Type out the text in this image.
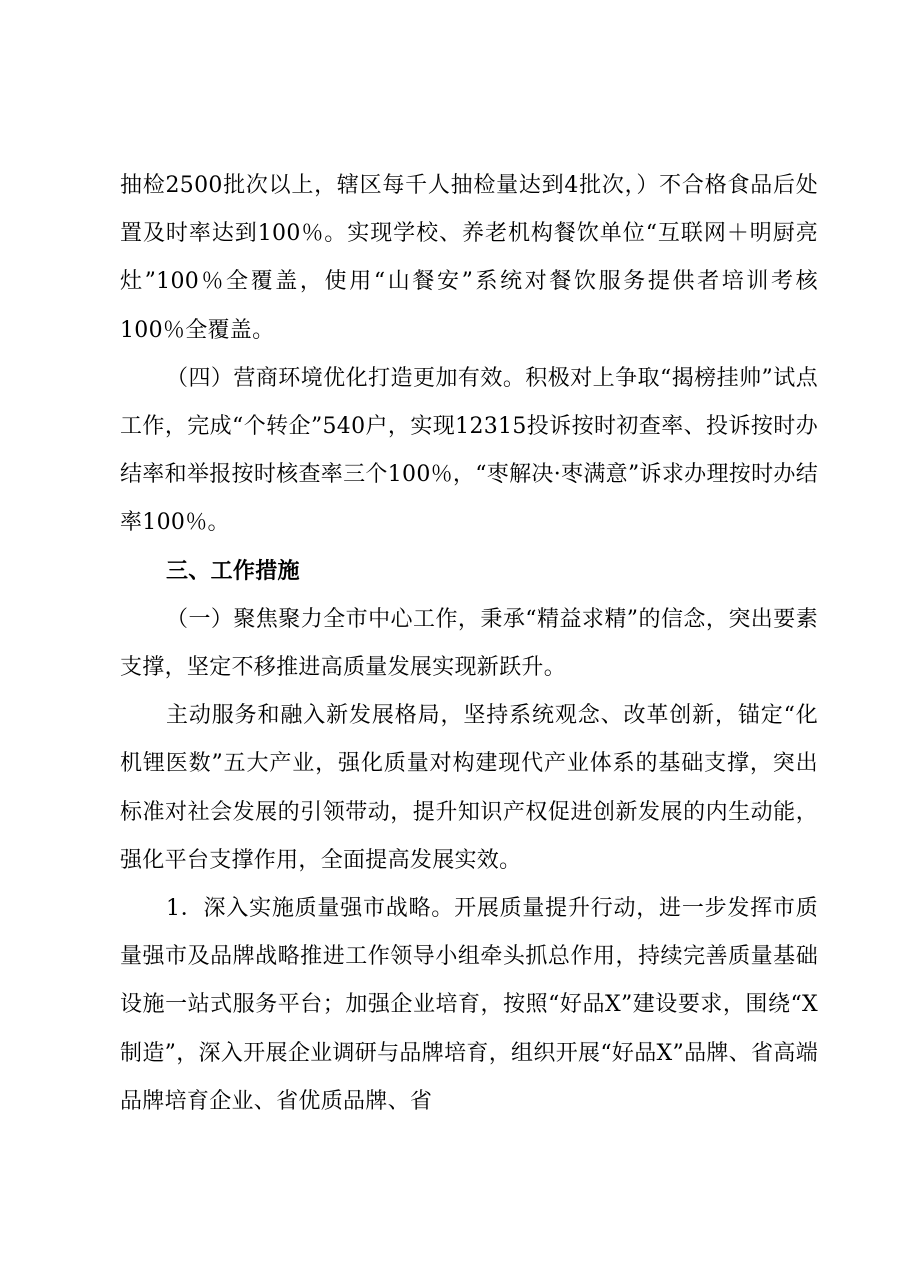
抽检2500批次以上，辖区每千人抽检量达到4批次，）不合格食品后处置及时率达到100％。实现学校、养老机构餐饮单位“互联网＋明厨亮灶”100％全覆盖，使用“山餐安”系统对餐饮服务提供者培训考核100％全覆盖。

（四）营商环境优化打造更加有效。积极对上争取“揭榜挂帅”试点工作，完成“个转企”540户，实现12315投诉按时初查率、投诉按时办结率和举报按时核查率三个100％，“枣解决·枣满意”诉求办理按时办结率100％。

三、工作措施

（一）聚焦聚力全市中心工作，秉承“精益求精”的信念，突出要素支撑，坚定不移推进高质量发展实现新跃升。

主动服务和融入新发展格局，坚持系统观念、改革创新，锚定“化机锂医数”五大产业，强化质量对构建现代产业体系的基础支撑，突出标准对社会发展的引领带动，提升知识产权促进创新发展的内生动能，强化平台支撑作用，全面提高发展实效。

1．深入实施质量强市战略。开展质量提升行动，进一步发挥市质量强市及品牌战略推进工作领导小组牵头抓总作用，持续完善质量基础设施一站式服务平台；加强企业培育，按照“好品X”建设要求，围绕“X制造”，深入开展企业调研与品牌培育，组织开展“好品X”品牌、省高端品牌培育企业、省优质品牌、省
